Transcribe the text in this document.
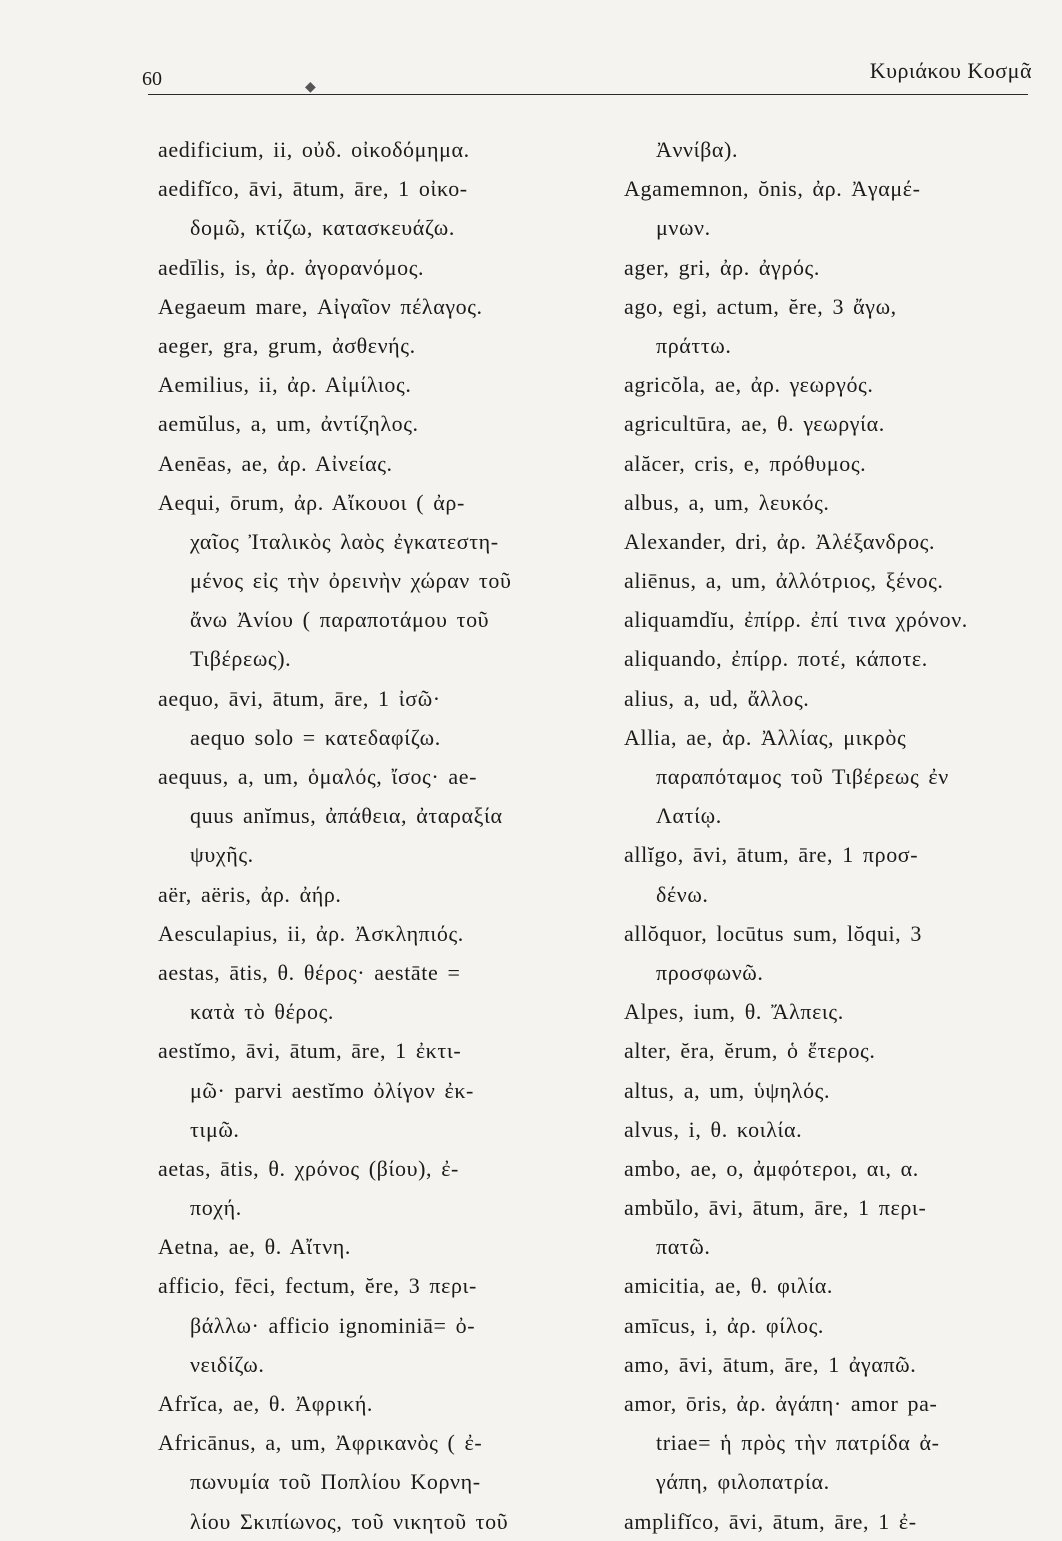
60	Κυριάκου Κοσμᾶ
◆
aedificium, ii, οὐδ. οἰκοδόμημα.
aedifĭco, āvi, ātum, āre, 1 οἰκο-
δομῶ, κτίζω, κατασκευάζω.
aedīlis, is, ἀρ. ἀγορανόμος.
Aegaeum mare, Αἰγαῖον πέλαγος.
aeger, gra, grum, ἀσθενής.
Aemilius, ii, ἀρ. Αἰμίλιος.
aemŭlus, a, um, ἀντίζηλος.
Aenēas, ae, ἀρ. Αἰνείας.
Aequi, ōrum, ἀρ. Αἴκουοι ( ἀρ-
χαῖος Ἰταλικὸς λαὸς ἐγκατεστη-
μένος εἰς τὴν ὀρεινὴν χώραν τοῦ
ἄνω Ἀνίου ( παραποτάμου τοῦ
Τιβέρεως).
aequo, āvi, ātum, āre, 1 ἰσῶ·
aequo solo = κατεδαφίζω.
aequus, a, um, ὁμαλός, ἴσος· ae-
quus anĭmus, ἀπάθεια, ἀταραξία
ψυχῆς.
aër, aëris, ἀρ. ἀήρ.
Aesculapius, ii, ἀρ. Ἀσκληπιός.
aestas, ātis, θ. θέρος· aestāte =
κατὰ τὸ θέρος.
aestĭmo, āvi, ātum, āre, 1 ἐκτι-
μῶ· parvi aestĭmo ὀλίγον ἐκ-
τιμῶ.
aetas, ātis, θ. χρόνος (βίου), ἐ-
ποχή.
Aetna, ae, θ. Αἴτνη.
afficio, fēci, fectum, ĕre, 3 περι-
βάλλω· afficio ignominiā= ὀ-
νειδίζω.
Afrĭca, ae, θ. Ἀφρική.
Africānus, a, um, Ἀφρικανὸς ( ἐ-
πωνυμία τοῦ Ποπλίου Κορνη-
λίου Σκιπίωνος, τοῦ νικητοῦ τοῦ
Ἀννίβα).
Agamemnon, ŏnis, ἀρ. Ἀγαμέ-
μνων.
ager, gri, ἀρ. ἀγρός.
ago, egi, actum, ĕre, 3 ἄγω,
πράττω.
agricŏla, ae, ἀρ. γεωργός.
agricultūra, ae, θ. γεωργία.
alăcer, cris, e, πρόθυμος.
albus, a, um, λευκός.
Alexander, dri, ἀρ. Ἀλέξανδρος.
aliēnus, a, um, ἀλλότριος, ξένος.
aliquamdĭu, ἐπίρρ. ἐπί τινα χρόνον.
aliquando, ἐπίρρ. ποτέ, κάποτε.
alius, a, ud, ἄλλος.
Allia, ae, ἀρ. Ἀλλίας, μικρὸς
παραπόταμος τοῦ Τιβέρεως ἐν
Λατίῳ.
allĭgo, āvi, ātum, āre, 1 προσ-
δένω.
allŏquor, locūtus sum, lŏqui, 3
προσφωνῶ.
Alpes, ium, θ. Ἄλπεις.
alter, ĕra, ĕrum, ὁ ἕτερος.
altus, a, um, ὑψηλός.
alvus, i, θ. κοιλία.
ambo, ae, o, ἀμφότεροι, αι, α.
ambŭlo, āvi, ātum, āre, 1 περι-
πατῶ.
amicitia, ae, θ. φιλία.
amīcus, i, ἀρ. φίλος.
amo, āvi, ātum, āre, 1 ἀγαπῶ.
amor, ōris, ἀρ. ἀγάπη· amor pa-
triae= ἡ πρὸς τὴν πατρίδα ἀ-
γάπη, φιλοπατρία.
amplifĭco, āvi, ātum, āre, 1 ἐ-
